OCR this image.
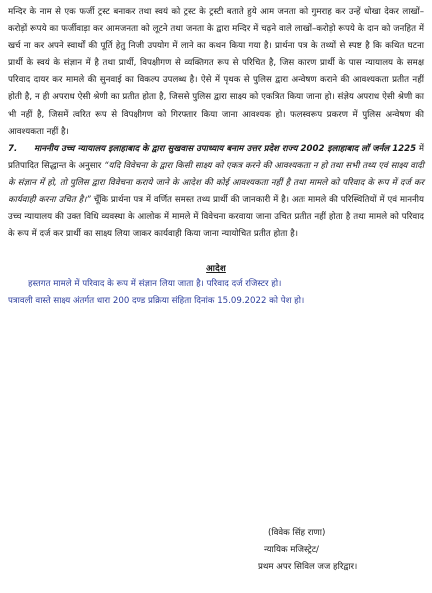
मन्दिर के नाम से एक फर्जी ट्रस्ट बनाकर तथा स्वयं को ट्रस्ट के ट्रस्टी बताते हुये आम जनता को गुमराह कर उन्हें धोखा देकर लाखों–करोड़ों रूपये का फर्जीवाड़ा कर आमजनता को लूटने तथा जनता के द्वारा मन्दिर में चढ़ने वाले लाखों–करोड़ो रूपये के दान को जनहित में खर्च ना कर अपने स्वार्थों की पूर्ति हेतु निजी उपयोग में लाने का कथन किया गया है। प्रार्थना पत्र के तथ्यों से स्पष्ट है कि कथित घटना प्रार्थी के स्वयं के संज्ञान में है तथा प्रार्थी, विपक्षीगण से व्यक्तिगत रूप से परिचित है, जिस कारण प्रार्थी के पास न्यायालय के समक्ष परिवाद दायर कर मामले की सुनवाई का विकल्प उपलब्ध है। ऐसे में पृथक से पुलिस द्वारा अन्वेषण कराने की आवश्यकता प्रतीत नहीं होती है, न ही अपराध ऐसी श्रेणी का प्रतीत होता है, जिससे पुलिस द्वारा साक्ष्य को एकत्रित किया जाना हो। संज्ञेय अपराध ऐसी श्रेणी का भी नहीं है, जिसमें त्वरित रूप से विपक्षीगण को गिरफ्तार किया जाना आवश्यक हो। फलस्वरूप प्रकरण में पुलिस अन्वेषण की आवश्यकता नहीं है।

7. माननीय उच्च न्यायालय इलाहाबाद के द्वारा सुखवास उपाध्याय बनाम उत्तर प्रदेश राज्य 2002 इलाहाबाद लॉ जर्नल 1225 में प्रतिपादित सिद्धान्त के अनुसार “यदि विवेचना के द्वारा किसी साक्ष्य को एकत्र करने की आवश्यकता न हो तथा सभी तथ्य एवं साक्ष्य वादी के संज्ञान में हो, तो पुलिस द्वारा विवेचना कराये जाने के आदेश की कोई आवश्यकता नहीं है तथा मामले को परिवाद के रूप में दर्ज कर कार्यवाही करना उचित है।” चूँकि प्रार्थना पत्र में वर्णित समस्त तथ्य प्रार्थी की जानकारी में है। अतः मामले की परिस्थितियों में एवं माननीय उच्च न्यायालय की उक्त विधि व्यवस्था के आलोक में मामले में विवेचना करवाया जाना उचित प्रतीत नहीं होता है तथा मामले को परिवाद के रूप में दर्ज कर प्रार्थी का साक्ष्य लिया जाकर कार्यवाही किया जाना न्यायोचित प्रतीत होता है।

आदेश

हस्तगत मामले में परिवाद के रूप में संज्ञान लिया जाता है। परिवाद दर्ज रजिस्टर हो।

पत्रावली वास्ते साक्ष्य अंतर्गत धारा 200 दण्ड प्रक्रिया संहिता दिनांक 15.09.2022 को पेश हो।

(विवेक सिंह राणा)
न्यायिक मजिस्ट्रेट/
प्रथम अपर सिविल जज हरिद्वार।
